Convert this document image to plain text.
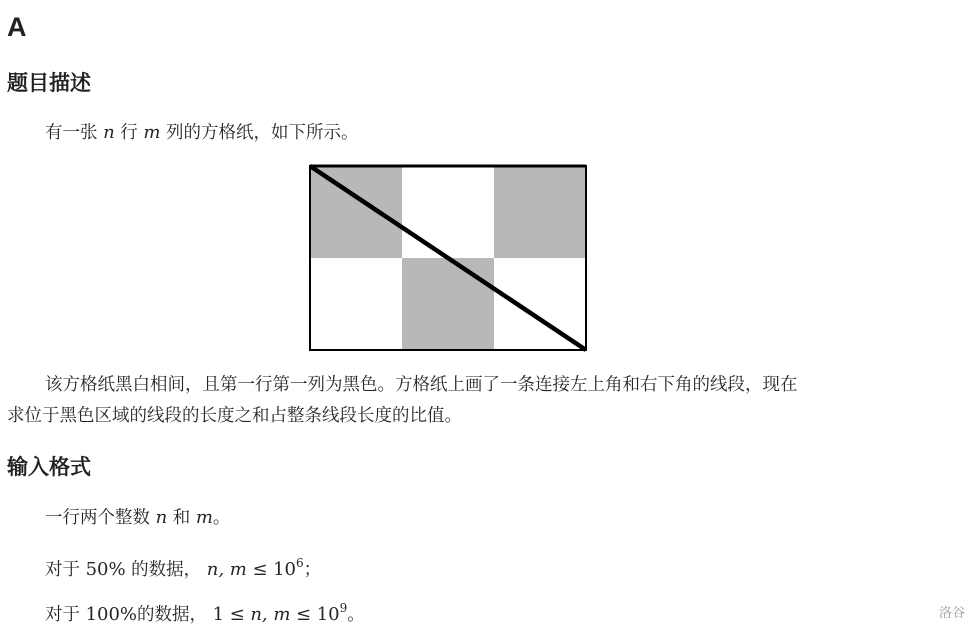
A
题目描述
有一张 n 行 m 列的方格纸，如下所示。
该方格纸黑白相间，且第一行第一列为黑色。方格纸上画了一条连接左上角和右下角的线段，现在
求位于黑色区域的线段的长度之和占整条线段长度的比值。
输入格式
一行两个整数 n 和 m。
对于 50% 的数据， n, $m \le 10^6$；
对于 100%的数据， 1 ≤ n, $m \le 10^9$。	洛谷
